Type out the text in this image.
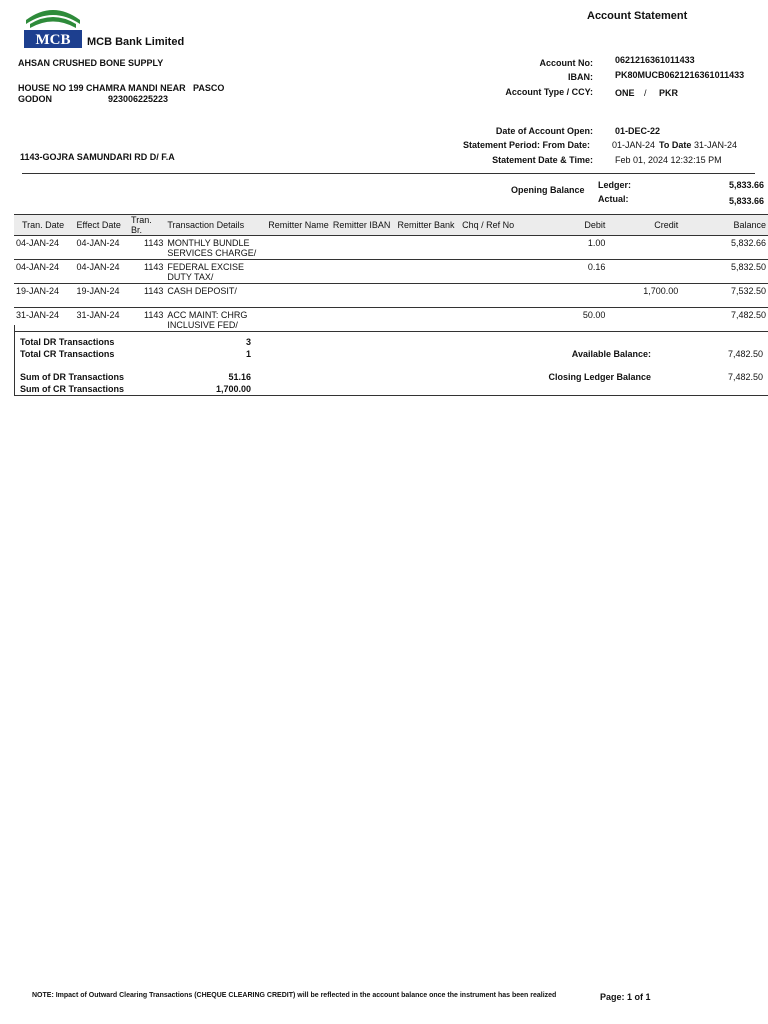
MCB MCB Bank Limited
Account Statement
AHSAN CRUSHED BONE SUPPLY
HOUSE NO 199 CHAMRA MANDI NEAR PASCO
GODON	923006225223
1143-GOJRA SAMUNDARI RD D/ F.A
Account No: 0621216361011433
IBAN: PK80MUCB0621216361011433
Account Type / CCY: ONE / PKR
Date of Account Open: 01-DEC-22
Statement Period: From Date: 01-JAN-24 To Date 31-JAN-24
Statement Date & Time: Feb 01, 2024 12:32:15 PM
Opening Balance Ledger:	5,833.66
Actual:	5,833.66
Tran. Date	Effect Date	Tran. Br.	Transaction Details	Remitter Name	Remitter IBAN	Remitter Bank	Chq / Ref No	Debit	Credit	Balance
04-JAN-24	04-JAN-24	1143	MONTHLY BUNDLE SERVICES CHARGE/					1.00		5,832.66
04-JAN-24	04-JAN-24	1143	FEDERAL EXCISE DUTY TAX/					0.16		5,832.50
19-JAN-24	19-JAN-24	1143	CASH DEPOSIT/						1,700.00	7,532.50
31-JAN-24	31-JAN-24	1143	ACC MAINT: CHRG INCLUSIVE FED/					50.00		7,482.50
Total DR Transactions	3
Total CR Transactions	1
Sum of DR Transactions	51.16
Sum of CR Transactions	1,700.00
Available Balance:	7,482.50
Closing Ledger Balance	7,482.50
NOTE: Impact of Outward Clearing Transactions (CHEQUE CLEARING CREDIT) will be reflected in the account balance once the instrument has been realized	Page: 1 of 1
